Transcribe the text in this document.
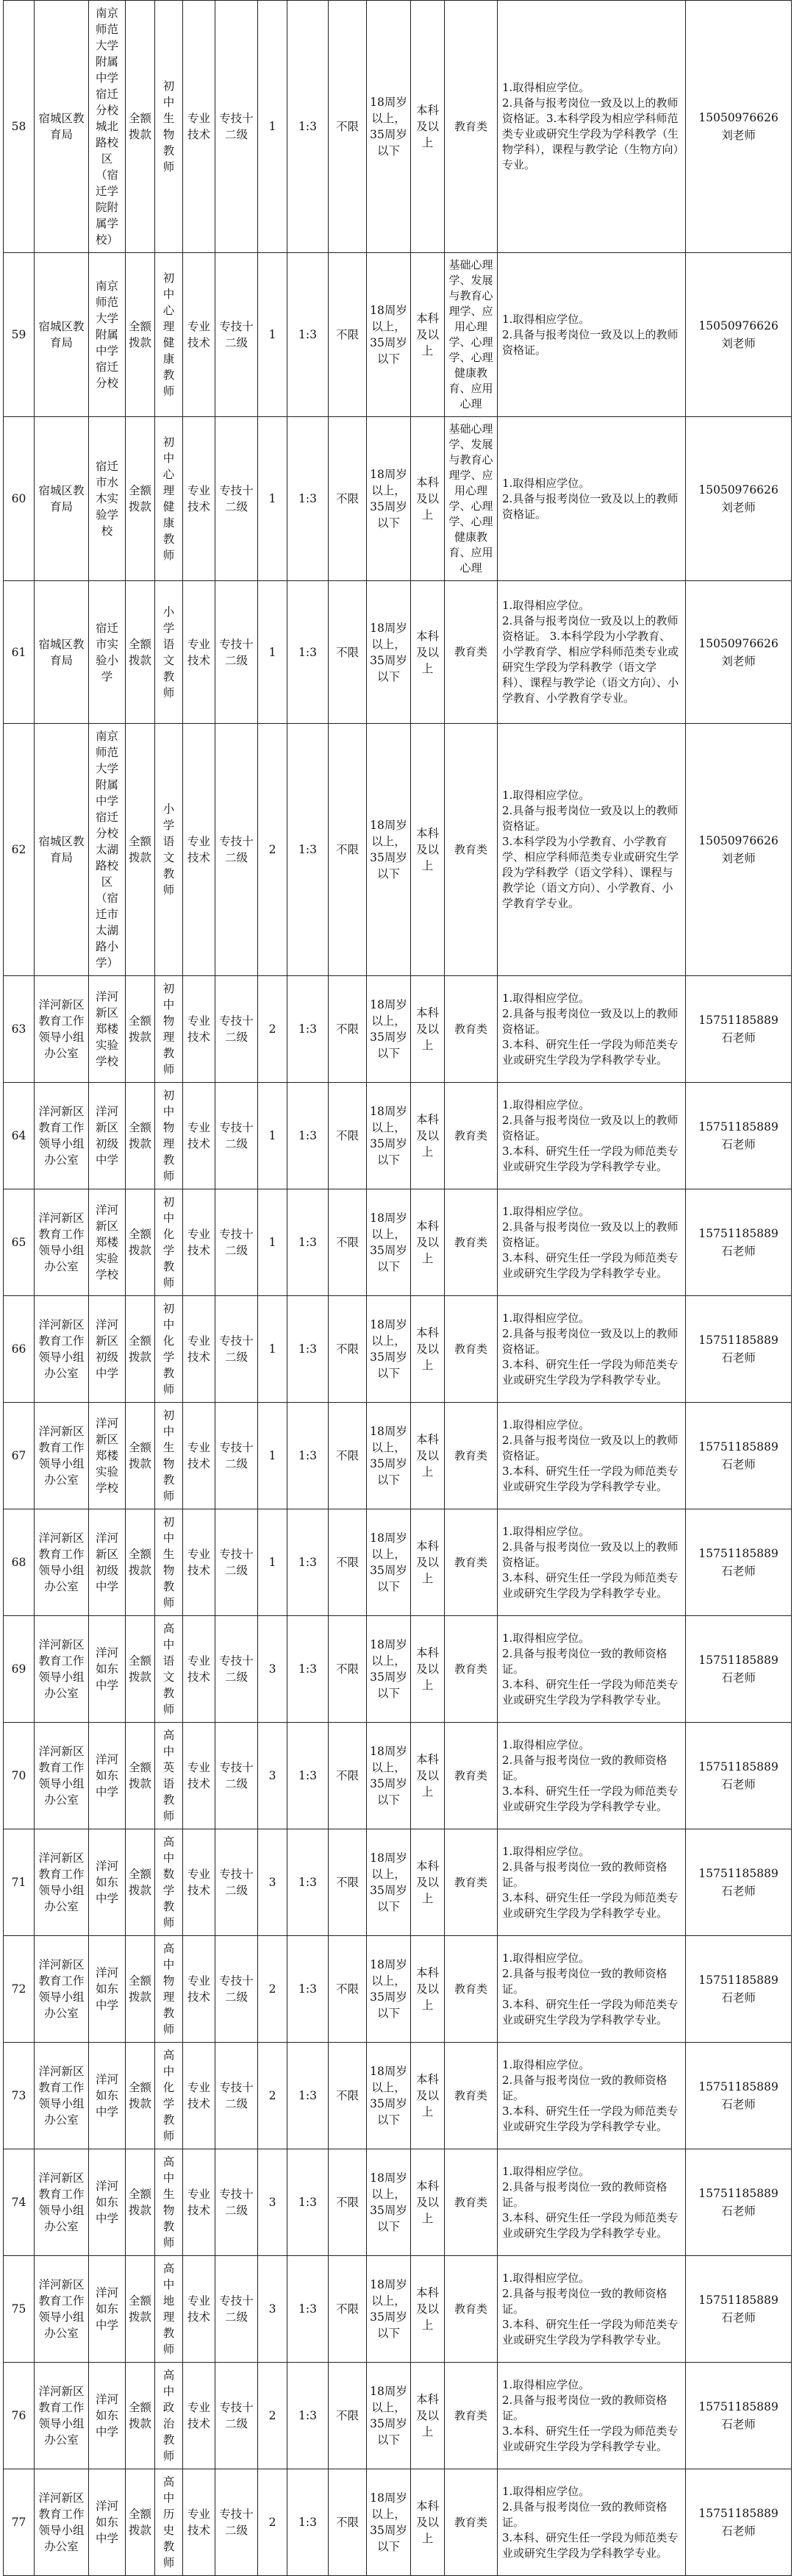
58	宿城区教育局	南京师范大学附属中学宿迁分校城北路校区（宿迁学院附属学校）	全额拨款	初中生物教师	专业技术	专技十二级	1	1:3	不限	18周岁以上，35周岁以下	本科及以上	教育类	1.取得相应学位。
2.具备与报考岗位一致及以上的教师资格证。3.本科学段为相应学科师范类专业或研究生学段为学科教学（生物学科），课程与教学论（生物方向）专业。	15050976626
刘老师

59	宿城区教育局	南京师范大学附属中学宿迁分校	全额拨款	初中心理健康教师	专业技术	专技十二级	1	1:3	不限	18周岁以上，35周岁以下	本科及以上	基础心理学、发展与教育心理学、应用心理学、心理学、心理健康教育、应用心理	1.取得相应学位。
2.具备与报考岗位一致及以上的教师资格证。	15050976626
刘老师

60	宿城区教育局	宿迁市水木实验学校	全额拨款	初中心理健康教师	专业技术	专技十二级	1	1:3	不限	18周岁以上，35周岁以下	本科及以上	基础心理学、发展与教育心理学、应用心理学、心理学、心理健康教育、应用心理	1.取得相应学位。
2.具备与报考岗位一致及以上的教师资格证。	15050976626
刘老师

61	宿城区教育局	宿迁市实验小学	全额拨款	小学语文教师	专业技术	专技十二级	1	1:3	不限	18周岁以上，35周岁以下	本科及以上	教育类	1.取得相应学位。
2.具备与报考岗位一致及以上的教师资格证。 3.本科学段为小学教育、小学教育学、相应学科师范类专业或研究生学段为学科教学（语文学科）、课程与教学论（语文方向）、小学教育、小学教育学专业。	15050976626
刘老师

62	宿城区教育局	南京师范大学附属中学宿迁分校太湖路校区（宿迁市太湖路小学）	全额拨款	小学语文教师	专业技术	专技十二级	2	1:3	不限	18周岁以上，35周岁以下	本科及以上	教育类	1.取得相应学位。
2.具备与报考岗位一致及以上的教师资格证。
3.本科学段为小学教育、小学教育学、相应学科师范类专业或研究生学段为学科教学（语文学科）、课程与教学论（语文方向）、小学教育、小学教育学专业。	15050976626
刘老师

63	洋河新区教育工作领导小组办公室	洋河新区郑楼实验学校	全额拨款	初中物理教师	专业技术	专技十二级	2	1:3	不限	18周岁以上，35周岁以下	本科及以上	教育类	1.取得相应学位。
2.具备与报考岗位一致及以上的教师资格证。
3.本科、研究生任一学段为师范类专业或研究生学段为学科教学专业。	15751185889
石老师

64	洋河新区教育工作领导小组办公室	洋河新区初级中学	全额拨款	初中物理教师	专业技术	专技十二级	1	1:3	不限	18周岁以上，35周岁以下	本科及以上	教育类	1.取得相应学位。
2.具备与报考岗位一致及以上的教师资格证。
3.本科、研究生任一学段为师范类专业或研究生学段为学科教学专业。	15751185889
石老师

65	洋河新区教育工作领导小组办公室	洋河新区郑楼实验学校	全额拨款	初中化学教师	专业技术	专技十二级	1	1:3	不限	18周岁以上，35周岁以下	本科及以上	教育类	1.取得相应学位。
2.具备与报考岗位一致及以上的教师资格证。
3.本科、研究生任一学段为师范类专业或研究生学段为学科教学专业。	15751185889
石老师

66	洋河新区教育工作领导小组办公室	洋河新区初级中学	全额拨款	初中化学教师	专业技术	专技十二级	1	1:3	不限	18周岁以上，35周岁以下	本科及以上	教育类	1.取得相应学位。
2.具备与报考岗位一致及以上的教师资格证。
3.本科、研究生任一学段为师范类专业或研究生学段为学科教学专业。	15751185889
石老师

67	洋河新区教育工作领导小组办公室	洋河新区郑楼实验学校	全额拨款	初中生物教师	专业技术	专技十二级	1	1:3	不限	18周岁以上，35周岁以下	本科及以上	教育类	1.取得相应学位。
2.具备与报考岗位一致及以上的教师资格证。
3.本科、研究生任一学段为师范类专业或研究生学段为学科教学专业。	15751185889
石老师

68	洋河新区教育工作领导小组办公室	洋河新区初级中学	全额拨款	初中生物教师	专业技术	专技十二级	1	1:3	不限	18周岁以上，35周岁以下	本科及以上	教育类	1.取得相应学位。
2.具备与报考岗位一致及以上的教师资格证。
3.本科、研究生任一学段为师范类专业或研究生学段为学科教学专业。	15751185889
石老师

69	洋河新区教育工作领导小组办公室	洋河如东中学	全额拨款	高中语文教师	专业技术	专技十二级	3	1:3	不限	18周岁以上，35周岁以下	本科及以上	教育类	1.取得相应学位。
2.具备与报考岗位一致的教师资格证。
3.本科、研究生任一学段为师范类专业或研究生学段为学科教学专业。	15751185889
石老师

70	洋河新区教育工作领导小组办公室	洋河如东中学	全额拨款	高中英语教师	专业技术	专技十二级	3	1:3	不限	18周岁以上，35周岁以下	本科及以上	教育类	1.取得相应学位。
2.具备与报考岗位一致的教师资格证。
3.本科、研究生任一学段为师范类专业或研究生学段为学科教学专业。	15751185889
石老师

71	洋河新区教育工作领导小组办公室	洋河如东中学	全额拨款	高中数学教师	专业技术	专技十二级	3	1:3	不限	18周岁以上，35周岁以下	本科及以上	教育类	1.取得相应学位。
2.具备与报考岗位一致的教师资格证。
3.本科、研究生任一学段为师范类专业或研究生学段为学科教学专业。	15751185889
石老师

72	洋河新区教育工作领导小组办公室	洋河如东中学	全额拨款	高中物理教师	专业技术	专技十二级	2	1:3	不限	18周岁以上，35周岁以下	本科及以上	教育类	1.取得相应学位。
2.具备与报考岗位一致的教师资格证。
3.本科、研究生任一学段为师范类专业或研究生学段为学科教学专业。	15751185889
石老师

73	洋河新区教育工作领导小组办公室	洋河如东中学	全额拨款	高中化学教师	专业技术	专技十二级	2	1:3	不限	18周岁以上，35周岁以下	本科及以上	教育类	1.取得相应学位。
2.具备与报考岗位一致的教师资格证。
3.本科、研究生任一学段为师范类专业或研究生学段为学科教学专业。	15751185889
石老师

74	洋河新区教育工作领导小组办公室	洋河如东中学	全额拨款	高中生物教师	专业技术	专技十二级	3	1:3	不限	18周岁以上，35周岁以下	本科及以上	教育类	1.取得相应学位。
2.具备与报考岗位一致的教师资格证。
3.本科、研究生任一学段为师范类专业或研究生学段为学科教学专业。	15751185889
石老师

75	洋河新区教育工作领导小组办公室	洋河如东中学	全额拨款	高中地理教师	专业技术	专技十二级	3	1:3	不限	18周岁以上，35周岁以下	本科及以上	教育类	1.取得相应学位。
2.具备与报考岗位一致的教师资格证。
3.本科、研究生任一学段为师范类专业或研究生学段为学科教学专业。	15751185889
石老师

76	洋河新区教育工作领导小组办公室	洋河如东中学	全额拨款	高中政治教师	专业技术	专技十二级	2	1:3	不限	18周岁以上，35周岁以下	本科及以上	教育类	1.取得相应学位。
2.具备与报考岗位一致的教师资格证。
3.本科、研究生任一学段为师范类专业或研究生学段为学科教学专业。	15751185889
石老师

77	洋河新区教育工作领导小组办公室	洋河如东中学	全额拨款	高中历史教师	专业技术	专技十二级	2	1:3	不限	18周岁以上，35周岁以下	本科及以上	教育类	1.取得相应学位。
2.具备与报考岗位一致的教师资格证。
3.本科、研究生任一学段为师范类专业或研究生学段为学科教学专业。	15751185889
石老师
